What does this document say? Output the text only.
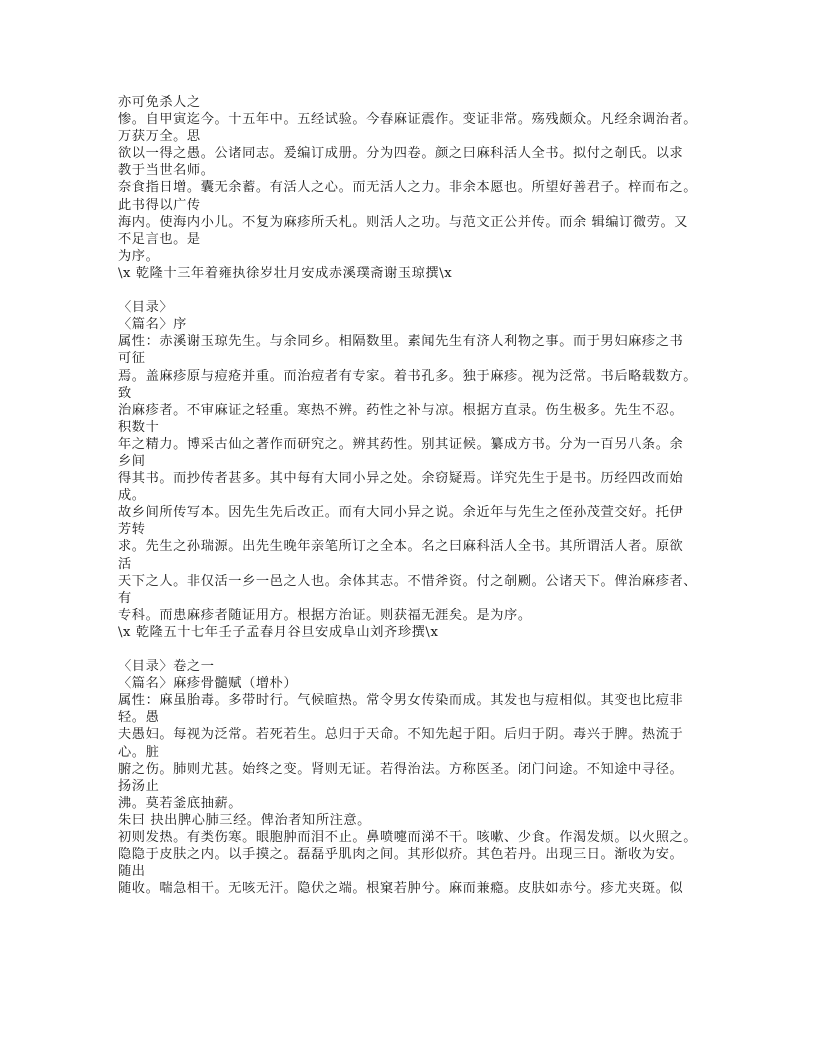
亦可免杀人之
惨。自甲寅迄今。十五年中。五经试验。今春麻证震作。变证非常。殇残颇众。凡经余调治者。
万获万全。思
欲以一得之愚。公诸同志。爰编订成册。分为四卷。颜之曰麻科活人全书。拟付之剞氏。以求
教于当世名师。
奈食指日增。囊无余蓄。有活人之心。而无活人之力。非余本愿也。所望好善君子。梓而布之。
此书得以广传
海内。使海内小儿。不复为麻疹所夭札。则活人之功。与范文正公并传。而余 辑编订微劳。又
不足言也。是
为序。
\x 乾隆十三年着雍执徐岁壮月安成赤溪璞斋谢玉琼撰\x
〈目录〉
〈篇名〉序
属性：赤溪谢玉琼先生。与余同乡。相隔数里。素闻先生有济人利物之事。而于男妇麻疹之书
可征
焉。盖麻疹原与痘疮并重。而治痘者有专家。着书孔多。独于麻疹。视为泛常。书后略载数方。
致
治麻疹者。不审麻证之轻重。寒热不辨。药性之补与凉。根据方直录。伤生极多。先生不忍。
积数十
年之精力。博采古仙之著作而研究之。辨其药性。别其证候。纂成方书。分为一百另八条。余
乡间
得其书。而抄传者甚多。其中每有大同小异之处。余窃疑焉。详究先生于是书。历经四改而始
成。
故乡间所传写本。因先生先后改正。而有大同小异之说。余近年与先生之侄孙茂萱交好。托伊
芳转
求。先生之孙瑞源。出先生晚年亲笔所订之全本。名之曰麻科活人全书。其所谓活人者。原欲
活
天下之人。非仅活一乡一邑之人也。余体其志。不惜斧资。付之剞劂。公诸天下。俾治麻疹者、
有
专科。而患麻疹者随证用方。根据方治证。则获福无涯矣。是为序。
\x 乾隆五十七年壬子孟春月谷旦安成阜山刘齐珍撰\x
〈目录〉卷之一
〈篇名〉麻疹骨髓赋（增朴）
属性：麻虽胎毒。多带时行。气候暄热。常令男女传染而成。其发也与痘相似。其变也比痘非
轻。愚
夫愚妇。每视为泛常。若死若生。总归于天命。不知先起于阳。后归于阴。毒兴于脾。热流于
心。脏
腑之伤。肺则尤甚。始终之变。肾则无证。若得治法。方称医圣。闭门问途。不知途中寻径。
扬汤止
沸。莫若釜底抽薪。
朱曰 抉出脾心肺三经。俾治者知所注意。
初则发热。有类伤寒。眼胞肿而泪不止。鼻喷嚏而涕不干。咳嗽、少食。作渴发烦。以火照之。
隐隐于皮肤之内。以手摸之。磊磊乎肌肉之间。其形似疥。其色若丹。出现三日。渐收为安。
随出
随收。喘急相干。无咳无汗。隐伏之端。根窠若肿兮。麻而兼瘾。皮肤如赤兮。疹尤夹斑。似
